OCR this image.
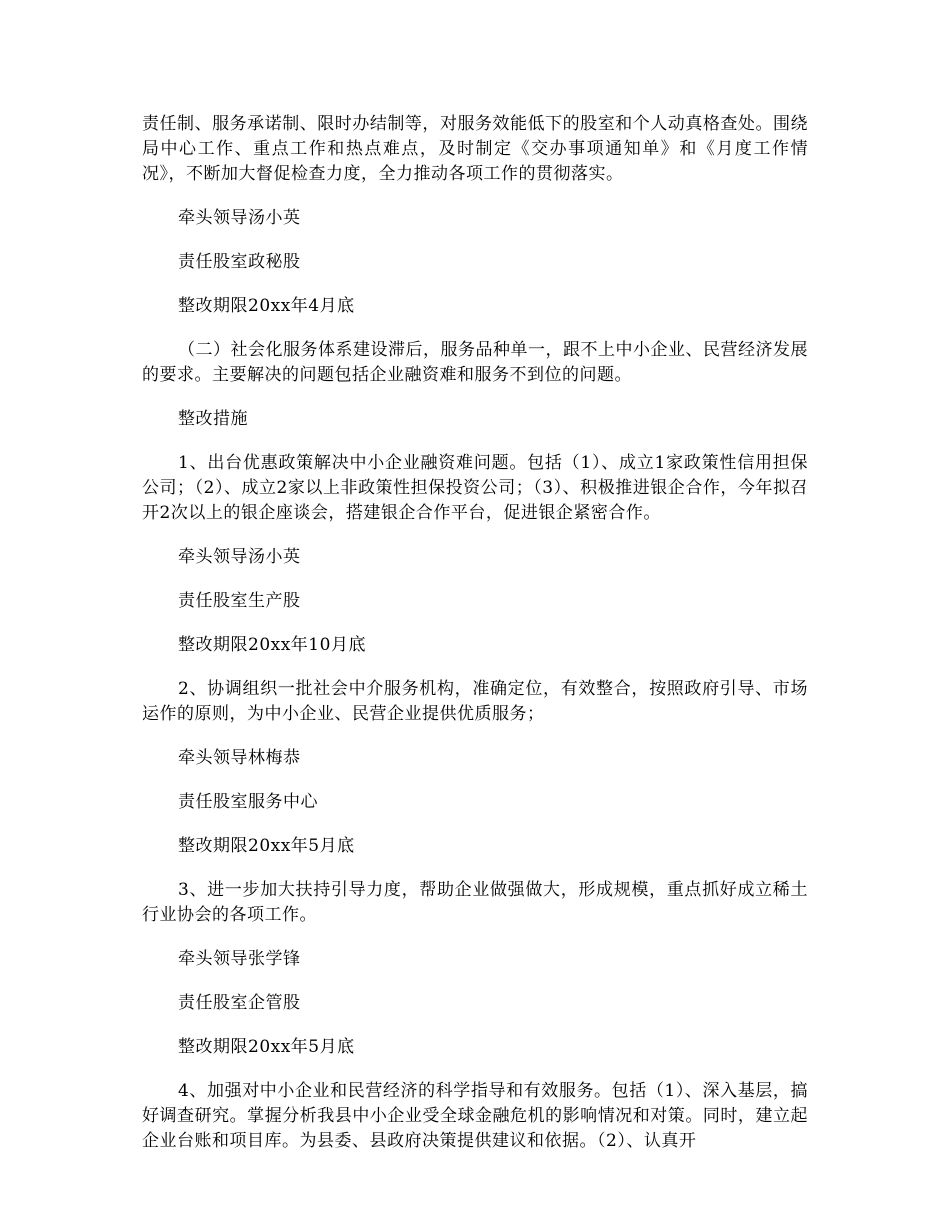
责任制、服务承诺制、限时办结制等，对服务效能低下的股室和个人动真格查处。围绕局中心工作、重点工作和热点难点，及时制定《交办事项通知单》和《月度工作情况》，不断加大督促检查力度，全力推动各项工作的贯彻落实。

牵头领导汤小英

责任股室政秘股

整改期限20xx年4月底

（二）社会化服务体系建设滞后，服务品种单一，跟不上中小企业、民营经济发展的要求。主要解决的问题包括企业融资难和服务不到位的问题。

整改措施

1、出台优惠政策解决中小企业融资难问题。包括（1）、成立1家政策性信用担保公司；（2）、成立2家以上非政策性担保投资公司；（3）、积极推进银企合作，今年拟召开2次以上的银企座谈会，搭建银企合作平台，促进银企紧密合作。

牵头领导汤小英

责任股室生产股

整改期限20xx年10月底

2、协调组织一批社会中介服务机构，准确定位，有效整合，按照政府引导、市场运作的原则，为中小企业、民营企业提供优质服务；

牵头领导林梅恭

责任股室服务中心

整改期限20xx年5月底

3、进一步加大扶持引导力度，帮助企业做强做大，形成规模，重点抓好成立稀土行业协会的各项工作。

牵头领导张学锋

责任股室企管股

整改期限20xx年5月底

4、加强对中小企业和民营经济的科学指导和有效服务。包括（1）、深入基层，搞好调查研究。掌握分析我县中小企业受全球金融危机的影响情况和对策。同时，建立起企业台账和项目库。为县委、县政府决策提供建议和依据。（2）、认真开
